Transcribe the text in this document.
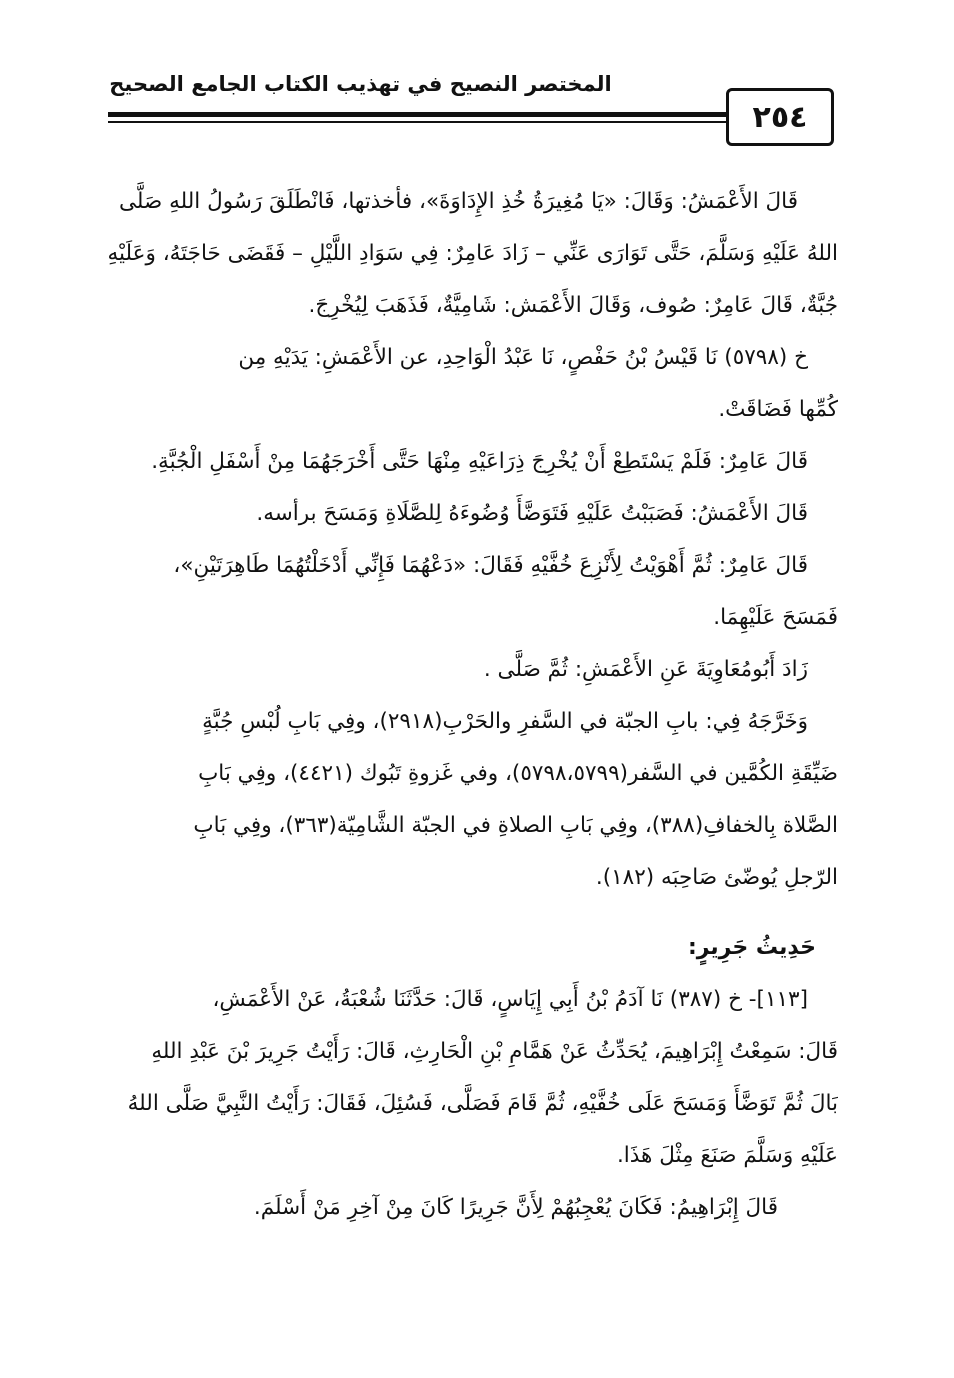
المختصر النصيح في تهذيب الكتاب الجامع الصحيح
٢٥٤

قَالَ الأَعْمَشُ: وَقَالَ: «يَا مُغِيرَةُ خُذِ الإِدَاوَةَ»، فأخذتها، فَانْطَلَقَ رَسُولُ اللهِ صَلَّى

اللهُ عَلَيْهِ وَسَلَّمَ، حَتَّى تَوَارَى عَنِّي – زَادَ عَامِرٌ: فِي سَوَادِ اللَّيْلِ – فَقَضَى حَاجَتَهُ، وَعَلَيْهِ

جُبَّةٌ، قَالَ عَامِرٌ: صُوف، وَقَالَ الأَعْمَش: شَامِيَّةٌ، فَذَهَبَ لِيُخْرِجَ.

خ (٥٧٩٨) نَا قَيْسُ بْنُ حَفْصٍ، نَا عَبْدُ الْوَاحِدِ، عن الأَعْمَشِ: يَدَيْهِ مِن

كُمِّها فَضَاقَتْ.

قَالَ عَامِرٌ: فَلَمْ يَسْتَطِعْ أَنْ يُخْرِجَ ذِرَاعَيْهِ مِنْهَا حَتَّى أَخْرَجَهُمَا مِنْ أَسْفَلِ الْجُبَّةِ.

قَالَ الأَعْمَشُ: فَصَبَبْتُ عَلَيْهِ فَتَوَضَّأَ وُضُوءَهُ لِلصَّلَاةِ وَمَسَحَ برأسه.

قَالَ عَامِرٌ: ثُمَّ أَهْوَيْتُ لِأَنْزِعَ خُفَّيْهِ فَقَالَ: «دَعْهُمَا فَإِنِّي أَدْخَلْتُهُمَا طَاهِرَتَيْنِ»،

فَمَسَحَ عَلَيْهِمَا.

زَادَ أَبُومُعَاوِيَةَ عَنِ الأَعْمَشِ: ثُمَّ صَلَّى .

وَخَرَّجَهُ فِي: بابِ الجبّة في السَّفرِ والحَرْبِ(٢٩١٨)، وفِي بَابِ لُبْسِ جُبَّةٍ

ضَيِّقَةِ الكُمَّين في السَّفر(٥٧٩٨،٥٧٩٩)، وفي غَزوةِ تَبُوك (٤٤٢١)، وفِي بَابِ

الصَّلاة بِالخفافِ(٣٨٨)، وفِي بَابِ الصلاةِ في الجبّة الشَّامِيّة(٣٦٣)، وفِي بَابِ

الرّجلِ يُوضّئ صَاحِبَه (١٨٢).

حَدِيثُ جَرِيرٍ:

[١١٣]- خ (٣٨٧) نَا آدَمُ بْنُ أَبِي إِيَاسٍ، قَالَ: حَدَّثَنَا شُعْبَةُ، عَنْ الأَعْمَشِ،

قَالَ: سَمِعْتُ إِبْرَاهِيمَ، يُحَدِّثُ عَنْ هَمَّامِ بْنِ الْحَارِثِ، قَالَ: رَأَيْتُ جَرِيرَ بْنَ عَبْدِ اللهِ

بَالَ ثُمَّ تَوَضَّأَ وَمَسَحَ عَلَى خُفَّيْهِ، ثُمَّ قَامَ فَصَلَّى، فَسُئِلَ، فَقَالَ: رَأَيْتُ النَّبِيَّ صَلَّى اللهُ

عَلَيْهِ وَسَلَّمَ صَنَعَ مِثْلَ هَذَا.

قَالَ إِبْرَاهِيمُ: فَكَانَ يُعْجِبُهُمْ لِأَنَّ جَرِيرًا كَانَ مِنْ آخِرِ مَنْ أَسْلَمَ.
